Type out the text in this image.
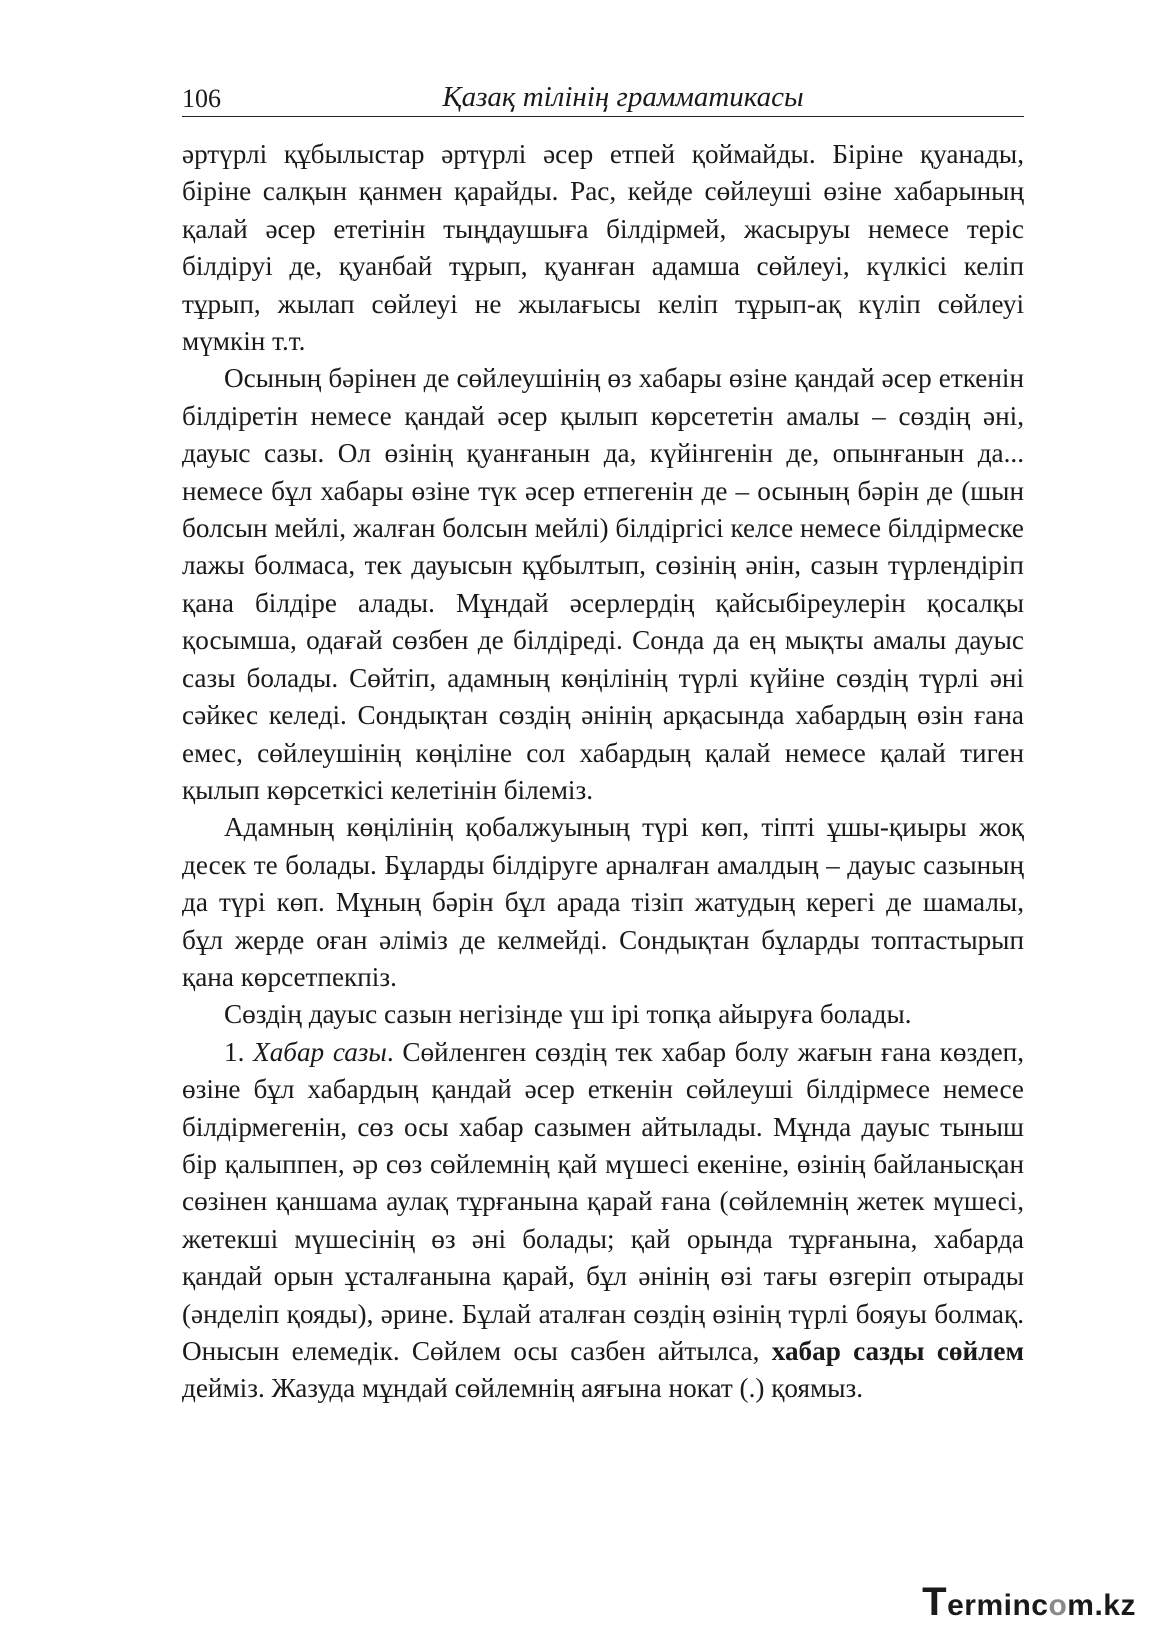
106	Қазақ тілінің грамматикасы

әртүрлі құбылыстар әртүрлі әсер етпей қоймайды. Біріне қуанады, біріне салқын қанмен қарайды. Рас, кейде сөйлеуші өзіне хабарының қалай әсер ететінін тыңдаушыға білдірмей, жасыруы немесе теріс білдіруі де, қуанбай тұрып, қуанған адамша сөйлеуі, күлкісі келіп тұрып, жылап сөйлеуі не жылағысы келіп тұрып-ақ күліп сөйлеуі мүмкін т.т.

Осының бәрінен де сөйлеушінің өз хабары өзіне қандай әсер еткенін білдіретін немесе қандай әсер қылып көрсететін амалы – сөздің әні, дауыс сазы. Ол өзінің қуанғанын да, күйінгенін де, опынғанын да... немесе бұл хабары өзіне түк әсер етпегенін де – осының бәрін де (шын болсын мейлі, жалған болсын мейлі) білдіргісі келсе немесе білдірмеске лажы болмаса, тек дауысын құбылтып, сөзінің әнін, сазын түрлендіріп қана білдіре алады. Мұндай әсерлердің қайсыбіреулерін қосалқы қосымша, одағай сөзбен де білдіреді. Сонда да ең мықты амалы дауыс сазы болады. Сөйтіп, адамның көңілінің түрлі күйіне сөздің түрлі әні сәйкес келеді. Сондықтан сөздің әнінің арқасында хабардың өзін ғана емес, сөйлеушінің көңіліне сол хабардың қалай немесе қалай тиген қылып көрсеткісі келетінін білеміз.

Адамның көңілінің қобалжуының түрі көп, тіпті ұшы-қиыры жоқ десек те болады. Бұларды білдіруге арналған амалдың – дауыс сазының да түрі көп. Мұның бәрін бұл арада тізіп жатудың керегі де шамалы, бұл жерде оған әліміз де келмейді. Сондықтан бұларды топтастырып қана көрсетпекпіз.

Сөздің дауыс сазын негізінде үш ірі топқа айыруға болады.

1. Хабар сазы. Сөйленген сөздің тек хабар болу жағын ғана көздеп, өзіне бұл хабардың қандай әсер еткенін сөйлеуші білдірмесе немесе білдірмегенін, сөз осы хабар сазымен айтылады. Мұнда дауыс тыныш бір қалыппен, әр сөз сөйлемнің қай мүшесі екеніне, өзінің байланысқан сөзінен қаншама аулақ тұрғанына қарай ғана (сөйлемнің жетек мүшесі, жетекші мүшесінің өз әні болады; қай орында тұрғанына, хабарда қандай орын ұсталғанына қарай, бұл әнінің өзі тағы өзгеріп отырады (әнделіп қояды), әрине. Бұлай аталған сөздің өзінің түрлі бояуы болмақ. Онысын елемедік. Сөйлем осы сазбен айтылса, хабар сазды сөйлем дейміз. Жазуда мұндай сөйлемнің аяғына нокат (.) қоямыз.

Termincom.kz
